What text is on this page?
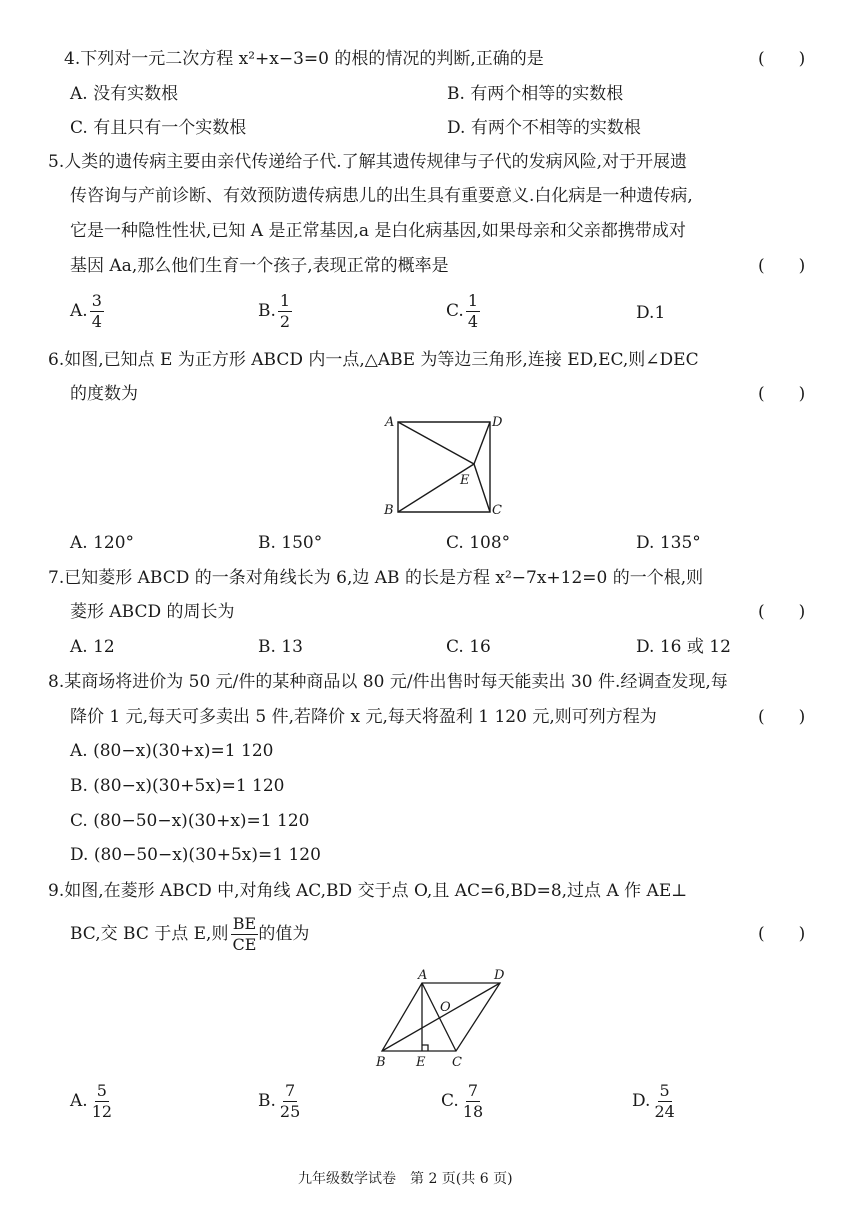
4.下列对一元二次方程 x²+x−3=0 的根的情况的判断,正确的是	(　　)
A. 没有实数根	B. 有两个相等的实数根
C. 有且只有一个实数根	D. 有两个不相等的实数根
5.人类的遗传病主要由亲代传递给子代.了解其遗传规律与子代的发病风险,对于开展遗
传咨询与产前诊断、有效预防遗传病患儿的出生具有重要意义.白化病是一种遗传病,
它是一种隐性性状,已知 A 是正常基因,a 是白化病基因,如果母亲和父亲都携带成对
基因 Aa,那么他们生育一个孩子,表现正常的概率是	(　　)
A. $\frac{3}{4}$	B. $\frac{1}{2}$	C. $\frac{1}{4}$	D.1
6.如图,已知点 E 为正方形 ABCD 内一点,△ABE 为等边三角形,连接 ED,EC,则∠DEC
的度数为	(　　)
A	D
E
B	C
A. 120°	B. 150°	C. 108°	D. 135°
7.已知菱形 ABCD 的一条对角线长为 6,边 AB 的长是方程 x²−7x+12=0 的一个根,则
菱形 ABCD 的周长为	(　　)
A. 12	B. 13	C. 16	D. 16 或 12
8.某商场将进价为 50 元/件的某种商品以 80 元/件出售时每天能卖出 30 件.经调查发现,每
降价 1 元,每天可多卖出 5 件,若降价 x 元,每天将盈利 1 120 元,则可列方程为	(　　)
A. (80−x)(30+x)=1 120
B. (80−x)(30+5x)=1 120
C. (80−50−x)(30+x)=1 120
D. (80−50−x)(30+5x)=1 120
9.如图,在菱形 ABCD 中,对角线 AC,BD 交于点 O,且 AC=6,BD=8,过点 A 作 AE⊥
BC,交 BC 于点 E,则 $\frac{BE}{CE}$ 的值为	(　　)
A	D
O
B E C
A. $\frac{5}{12}$	B. $\frac{7}{25}$	C. $\frac{7}{18}$	D. $\frac{5}{24}$
九年级数学试卷　第 2 页(共 6 页)
